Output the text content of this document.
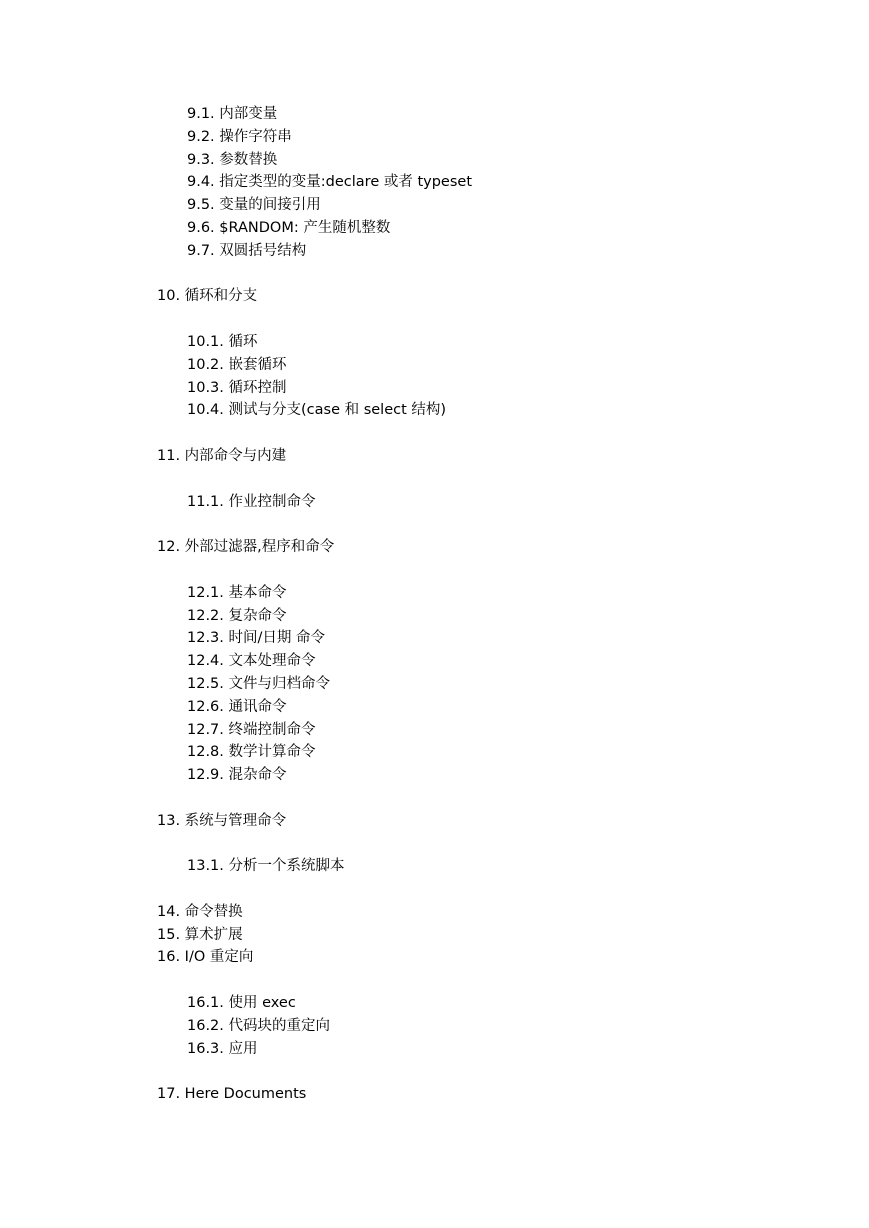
9.1. 内部变量
9.2. 操作字符串
9.3. 参数替换
9.4. 指定类型的变量:declare 或者 typeset
9.5. 变量的间接引用
9.6. $RANDOM: 产生随机整数
9.7. 双圆括号结构
10. 循环和分支
10.1. 循环
10.2. 嵌套循环
10.3. 循环控制
10.4. 测试与分支(case 和 select 结构)
11. 内部命令与内建
11.1. 作业控制命令
12. 外部过滤器,程序和命令
12.1. 基本命令
12.2. 复杂命令
12.3. 时间/日期 命令
12.4. 文本处理命令
12.5. 文件与归档命令
12.6. 通讯命令
12.7. 终端控制命令
12.8. 数学计算命令
12.9. 混杂命令
13. 系统与管理命令
13.1. 分析一个系统脚本
14. 命令替换
15. 算术扩展
16. I/O 重定向
16.1. 使用 exec
16.2. 代码块的重定向
16.3. 应用
17. Here Documents
